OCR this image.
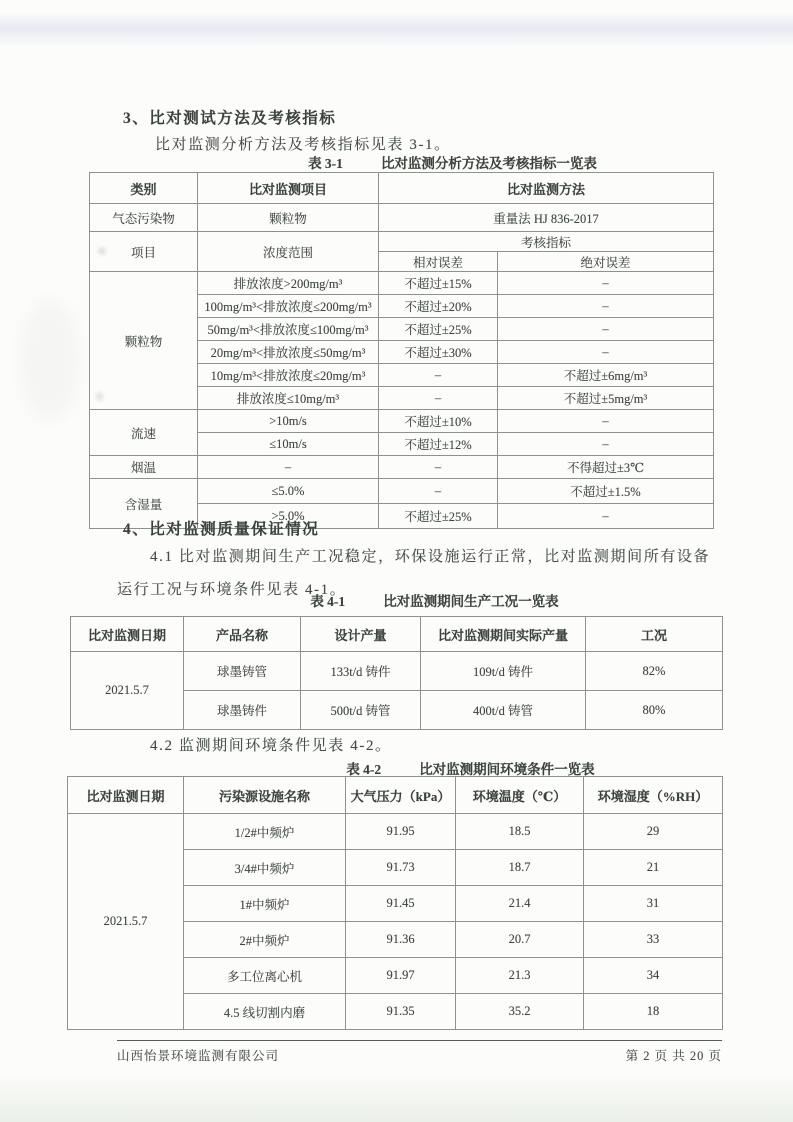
3、比对测试方法及考核指标
比对监测分析方法及考核指标见表 3-1。
表 3-1	比对监测分析方法及考核指标一览表
类别	比对监测项目	比对监测方法	
气态污染物	颗粒物	重量法 HJ 836-2017	
项目	浓度范围	考核指标	
		相对误差	绝对误差
颗粒物	排放浓度>200mg/m³	不超过±15%	–
	100mg/m³<排放浓度≤200mg/m³	不超过±20%	–
	50mg/m³<排放浓度≤100mg/m³	不超过±25%	–
	20mg/m³<排放浓度≤50mg/m³	不超过±30%	–
	10mg/m³<排放浓度≤20mg/m³	–	不超过±6mg/m³
	排放浓度≤10mg/m³	–	不超过±5mg/m³
流速	>10m/s	不超过±10%	–
	≤10m/s	不超过±12%	–
烟温	–	–	不得超过±3℃
含湿量	≤5.0%	–	不超过±1.5%
	>5.0%	不超过±25%	–
4、比对监测质量保证情况
4.1 比对监测期间生产工况稳定，环保设施运行正常，比对监测期间所有设备
运行工况与环境条件见表 4-1。
表 4-1	比对监测期间生产工况一览表
比对监测日期	产品名称	设计产量	比对监测期间实际产量	工况
2021.5.7	球墨铸管	133t/d 铸件	109t/d 铸件	82%
	球墨铸件	500t/d 铸管	400t/d 铸管	80%
4.2 监测期间环境条件见表 4-2。
表 4-2	比对监测期间环境条件一览表
比对监测日期	污染源设施名称	大气压力（kPa）	环境温度（℃）	环境湿度（%RH）
2021.5.7	1/2#中频炉	91.95	18.5	29
	3/4#中频炉	91.73	18.7	21
	1#中频炉	91.45	21.4	31
	2#中频炉	91.36	20.7	33
	多工位离心机	91.97	21.3	34
	4.5 线切割内磨	91.35	35.2	18
山西怡景环境监测有限公司	第 2 页 共 20 页
